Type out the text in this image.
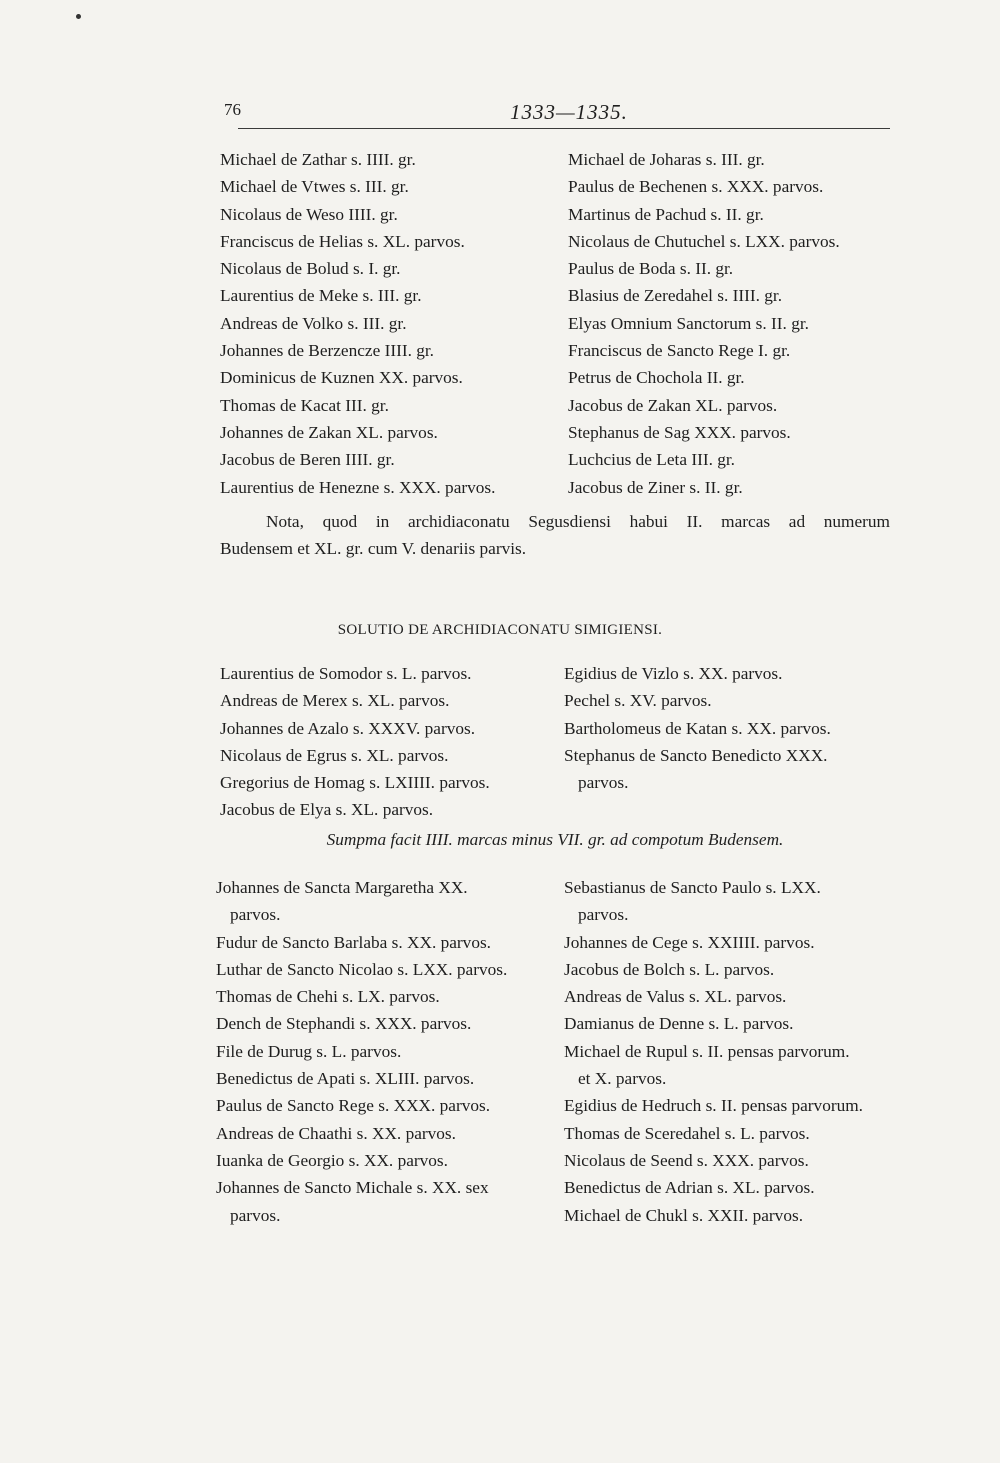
76	1333—1335.
Michael de Zathar s. IIII. gr.
Michael de Vtwes s. III. gr.
Nicolaus de Weso IIII. gr.
Franciscus de Helias s. XL. parvos.
Nicolaus de Bolud s. I. gr.
Laurentius de Meke s. III. gr.
Andreas de Volko s. III. gr.
Johannes de Berzencze IIII. gr.
Dominicus de Kuznen XX. parvos.
Thomas de Kacat III. gr.
Johannes de Zakan XL. parvos.
Jacobus de Beren IIII. gr.
Laurentius de Henezne s. XXX. parvos.
Michael de Joharas s. III. gr.
Paulus de Bechenen s. XXX. parvos.
Martinus de Pachud s. II. gr.
Nicolaus de Chutuchel s. LXX. parvos.
Paulus de Boda s. II. gr.
Blasius de Zeredahel s. IIII. gr.
Elyas Omnium Sanctorum s. II. gr.
Franciscus de Sancto Rege I. gr.
Petrus de Chochola II. gr.
Jacobus de Zakan XL. parvos.
Stephanus de Sag XXX. parvos.
Luchcius de Leta III. gr.
Jacobus de Ziner s. II. gr.
Nota, quod in archidiaconatu Segusdiensi habui II. marcas ad numerum
Budensem et XL. gr. cum V. denariis parvis.
SOLUTIO DE ARCHIDIACONATU SIMIGIENSI.
Laurentius de Somodor s. L. parvos.
Andreas de Merex s. XL. parvos.
Johannes de Azalo s. XXXV. parvos.
Nicolaus de Egrus s. XL. parvos.
Gregorius de Homag s. LXIIII. parvos.
Jacobus de Elya s. XL. parvos.
Egidius de Vizlo s. XX. parvos.
Pechel s. XV. parvos.
Bartholomeus de Katan s. XX. parvos.
Stephanus de Sancto Benedicto XXX.
parvos.
Sumpma facit IIII. marcas minus VII. gr. ad compotum Budensem.
Johannes de Sancta Margaretha XX.
parvos.
Fudur de Sancto Barlaba s. XX. parvos.
Luthar de Sancto Nicolao s. LXX. parvos.
Thomas de Chehi s. LX. parvos.
Dench de Stephandi s. XXX. parvos.
File de Durug s. L. parvos.
Benedictus de Apati s. XLIII. parvos.
Paulus de Sancto Rege s. XXX. parvos.
Andreas de Chaathi s. XX. parvos.
Iuanka de Georgio s. XX. parvos.
Johannes de Sancto Michale s. XX. sex
parvos.
Sebastianus de Sancto Paulo s. LXX.
parvos.
Johannes de Cege s. XXIIII. parvos.
Jacobus de Bolch s. L. parvos.
Andreas de Valus s. XL. parvos.
Damianus de Denne s. L. parvos.
Michael de Rupul s. II. pensas parvorum.
et X. parvos.
Egidius de Hedruch s. II. pensas parvorum.
Thomas de Sceredahel s. L. parvos.
Nicolaus de Seend s. XXX. parvos.
Benedictus de Adrian s. XL. parvos.
Michael de Chukl s. XXII. parvos.
